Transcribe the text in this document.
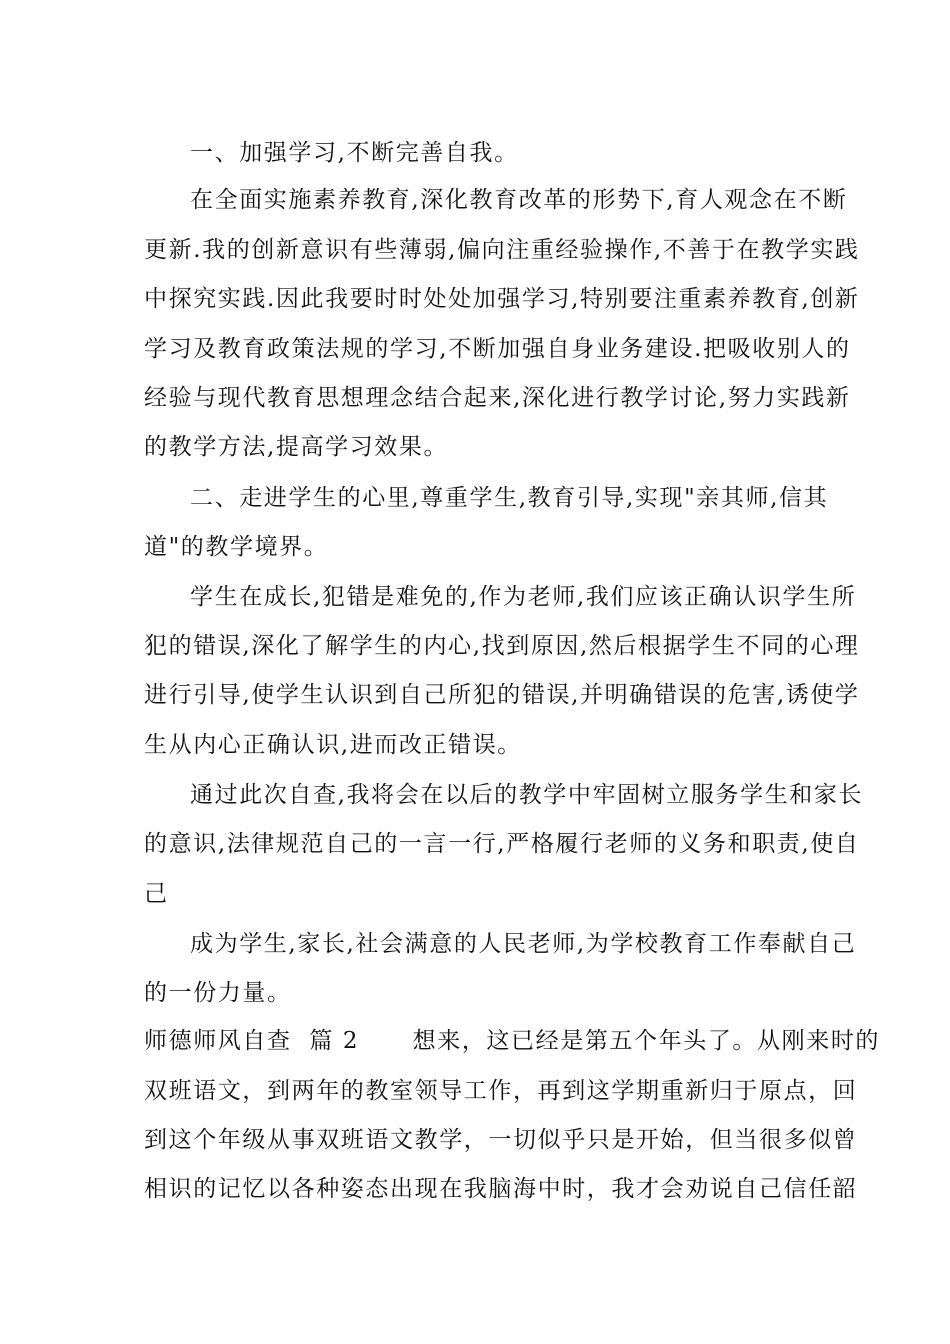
一、加强学习,不断完善自我。
在全面实施素养教育,深化教育改革的形势下,育人观念在不断
更新.我的创新意识有些薄弱,偏向注重经验操作,不善于在教学实践
中探究实践.因此我要时时处处加强学习,特别要注重素养教育,创新
学习及教育政策法规的学习,不断加强自身业务建设.把吸收别人的
经验与现代教育思想理念结合起来,深化进行教学讨论,努力实践新
的教学方法,提高学习效果。
二、走进学生的心里,尊重学生,教育引导,实现"亲其师,信其
道"的教学境界。
学生在成长,犯错是难免的,作为老师,我们应该正确认识学生所
犯的错误,深化了解学生的内心,找到原因,然后根据学生不同的心理
进行引导,使学生认识到自己所犯的错误,并明确错误的危害,诱使学
生从内心正确认识,进而改正错误。
通过此次自查,我将会在以后的教学中牢固树立服务学生和家长
的意识,法律规范自己的一言一行,严格履行老师的义务和职责,使自
己
成为学生,家长,社会满意的人民老师,为学校教育工作奉献自己
的一份力量。
师德师风自查  篇 2      想来，这已经是第五个年头了。从刚来时的
双班语文，到两年的教室领导工作，再到这学期重新归于原点，回
到这个年级从事双班语文教学，一切似乎只是开始，但当很多似曾
相识的记忆以各种姿态出现在我脑海中时，我才会劝说自己信任韶
